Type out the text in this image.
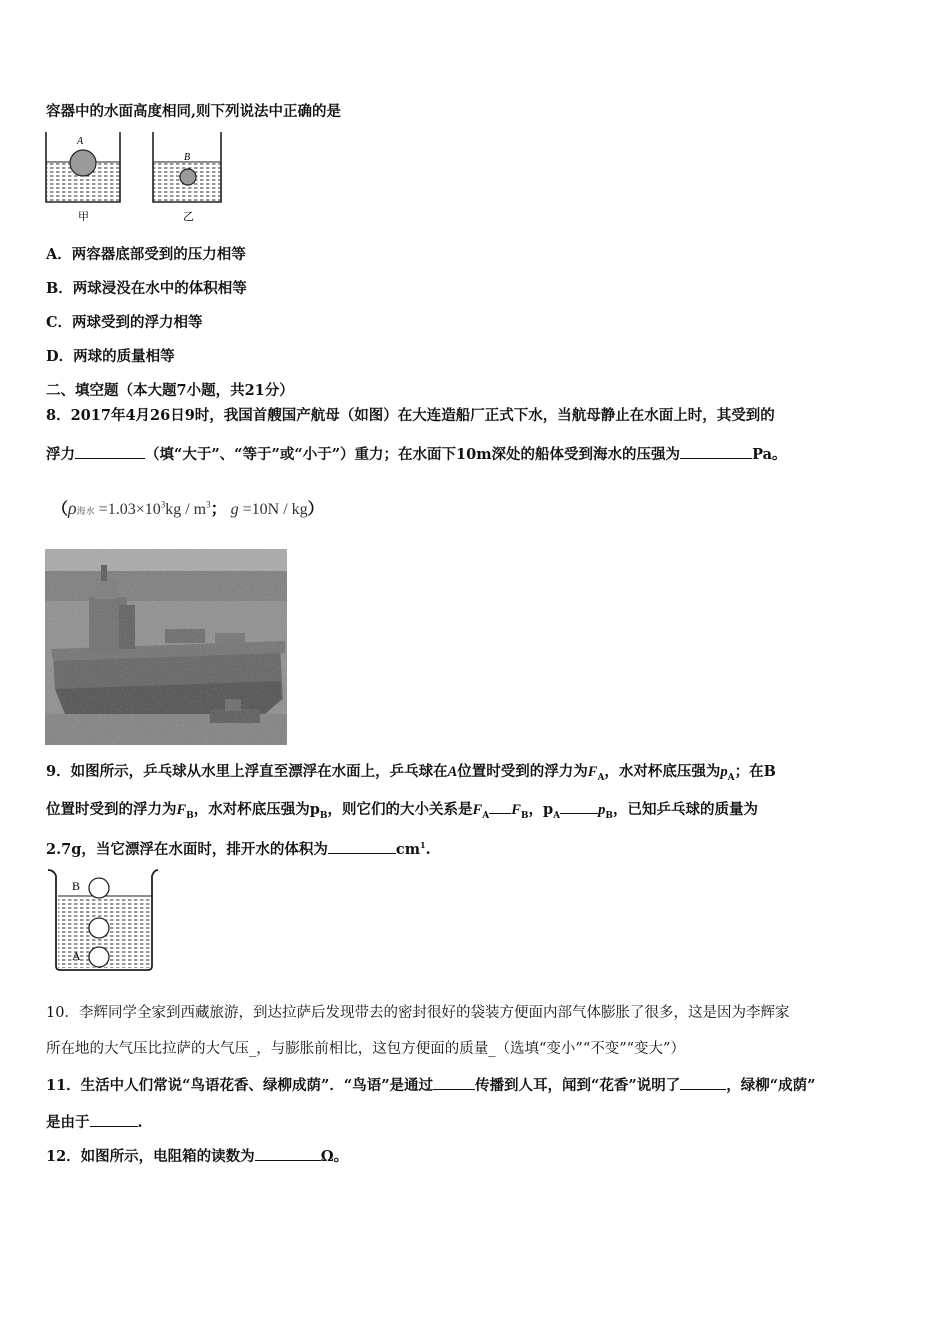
容器中的水面高度相同,则下列说法中正确的是
A
甲
B
乙
A．两容器底部受到的压力相等
B．两球浸没在水中的体积相等
C．两球受到的浮力相等
D．两球的质量相等
二、填空题（本大题7小题，共21分）
8．2017年4月26日9时，我国首艘国产航母（如图）在大连造船厂正式下水，当航母静止在水面上时，其受到的
浮力	（填“大于”、“等于”或“小于”）重力；在水面下10m深处的船体受到海水的压强为	Pa。
（ρ海水 $=1.03\times 10^3kg / m^3$； g =10N / kg）
9．如图所示，乒乓球从水里上浮直至漂浮在水面上，乒乓球在A位置时受到的浮力为$F_A$，水对杯底压强为$p_A$；在B
位置时受到的浮力为$F_B$，水对杯底压强为$p_B$，则它们的大小关系是$F_A$ $F_B$，$p_A$	$p_B$，已知乒乓球的质量为
2.7g，当它漂浮在水面时，排开水的体积为	$cm^1$.
B
A
10．李辉同学全家到西藏旅游，到达拉萨后发现带去的密封很好的袋装方便面内部气体膨胀了很多，这是因为李辉家
所在地的大气压比拉萨的大气压_，与膨胀前相比，这包方便面的质量_（选填“变小”“不变”“变大”）
11．生活中人们常说“鸟语花香、绿柳成荫”．“鸟语”是通过	传播到人耳，闻到“花香”说明了	，绿柳“成荫”
是由于	.
12．如图所示，电阻箱的读数为	Ω。
